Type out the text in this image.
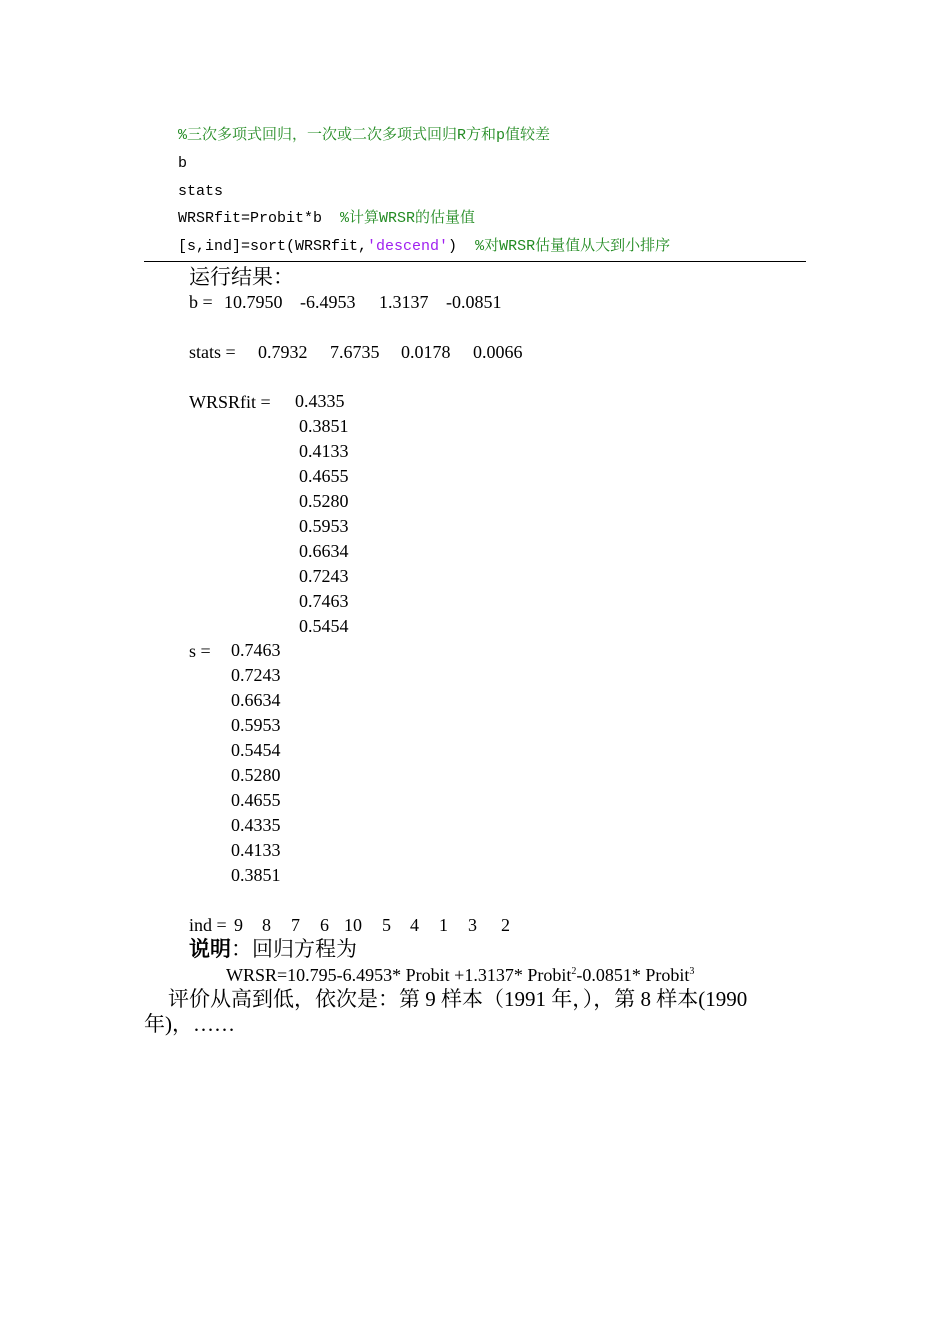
%三次多项式回归，一次或二次多项式回归R方和p值较差
b
stats
WRSRfit=Probit*b %计算WRSR的估量值
[s,ind]=sort(WRSRfit,'descend') %对WRSR估量值从大到小排序
运行结果：
b = 10.7950 -6.4953 1.3137 -0.0851
stats = 0.7932 7.6735 0.0178 0.0066
WRSRfit = 0.4335
0.3851
0.4133
0.4655
0.5280
0.5953
0.6634
0.7243
0.7463
0.5454
s = 0.7463
0.7243
0.6634
0.5953
0.5454
0.5280
0.4655
0.4335
0.4133
0.3851
ind = 9 8 7 6 10 5 4 1 3 2
说明：回归方程为
WRSR=10.795-6.4953* Probit +1.3137* Probit$^2$-0.0851* Probit$^3$
评价从高到低，依次是：第 9 样本（1991 年，），第 8 样本(1990
年)，……
